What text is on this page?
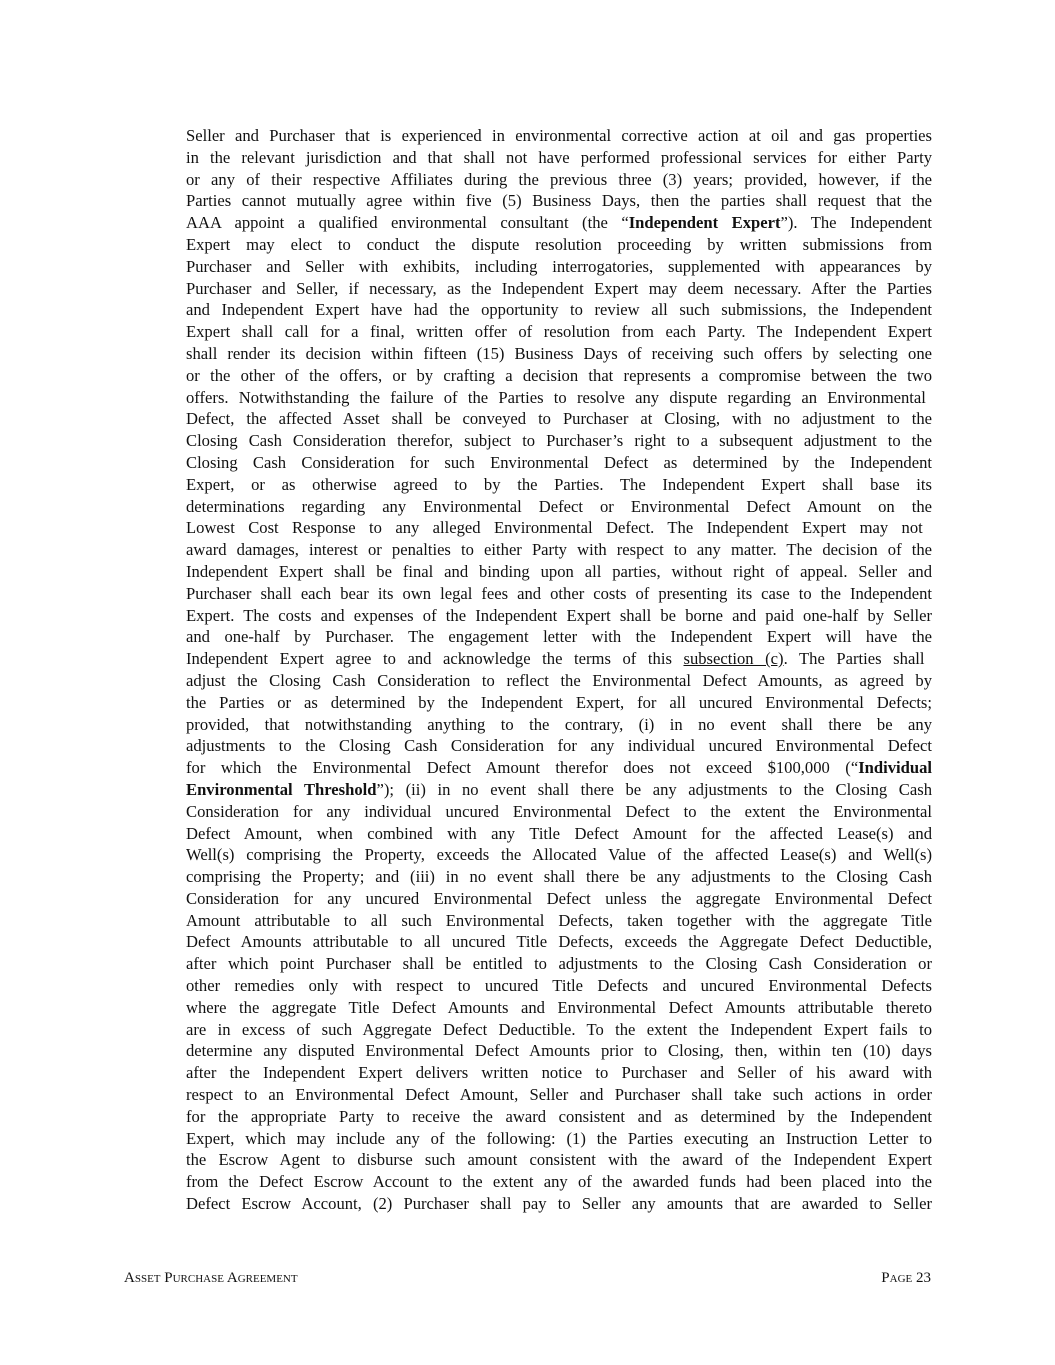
Seller and Purchaser that is experienced in environmental corrective action at oil and gas properties
in the relevant jurisdiction and that shall not have performed professional services for either Party
or any of their respective Affiliates during the previous three (3) years; provided, however, if the
Parties cannot mutually agree within five (5) Business Days, then the parties shall request that the
AAA appoint a qualified environmental consultant (the “Independent Expert”). The Independent
Expert may elect to conduct the dispute resolution proceeding by written submissions from
Purchaser and Seller with exhibits, including interrogatories, supplemented with appearances by
Purchaser and Seller, if necessary, as the Independent Expert may deem necessary. After the Parties
and Independent Expert have had the opportunity to review all such submissions, the Independent
Expert shall call for a final, written offer of resolution from each Party. The Independent Expert
shall render its decision within fifteen (15) Business Days of receiving such offers by selecting one
or the other of the offers, or by crafting a decision that represents a compromise between the two
offers. Notwithstanding the failure of the Parties to resolve any dispute regarding an Environmental
Defect, the affected Asset shall be conveyed to Purchaser at Closing, with no adjustment to the
Closing Cash Consideration therefor, subject to Purchaser’s right to a subsequent adjustment to the
Closing Cash Consideration for such Environmental Defect as determined by the Independent
Expert, or as otherwise agreed to by the Parties. The Independent Expert shall base its
determinations regarding any Environmental Defect or Environmental Defect Amount on the
Lowest Cost Response to any alleged Environmental Defect. The Independent Expert may not
award damages, interest or penalties to either Party with respect to any matter. The decision of the
Independent Expert shall be final and binding upon all parties, without right of appeal. Seller and
Purchaser shall each bear its own legal fees and other costs of presenting its case to the Independent
Expert. The costs and expenses of the Independent Expert shall be borne and paid one-half by Seller
and one-half by Purchaser. The engagement letter with the Independent Expert will have the
Independent Expert agree to and acknowledge the terms of this subsection (c). The Parties shall
adjust the Closing Cash Consideration to reflect the Environmental Defect Amounts, as agreed by
the Parties or as determined by the Independent Expert, for all uncured Environmental Defects;
provided, that notwithstanding anything to the contrary, (i) in no event shall there be any
adjustments to the Closing Cash Consideration for any individual uncured Environmental Defect
for which the Environmental Defect Amount therefor does not exceed $100,000 (“Individual
Environmental Threshold”); (ii) in no event shall there be any adjustments to the Closing Cash
Consideration for any individual uncured Environmental Defect to the extent the Environmental
Defect Amount, when combined with any Title Defect Amount for the affected Lease(s) and
Well(s) comprising the Property, exceeds the Allocated Value of the affected Lease(s) and Well(s)
comprising the Property; and (iii) in no event shall there be any adjustments to the Closing Cash
Consideration for any uncured Environmental Defect unless the aggregate Environmental Defect
Amount attributable to all such Environmental Defects, taken together with the aggregate Title
Defect Amounts attributable to all uncured Title Defects, exceeds the Aggregate Defect Deductible,
after which point Purchaser shall be entitled to adjustments to the Closing Cash Consideration or
other remedies only with respect to uncured Title Defects and uncured Environmental Defects
where the aggregate Title Defect Amounts and Environmental Defect Amounts attributable thereto
are in excess of such Aggregate Defect Deductible. To the extent the Independent Expert fails to
determine any disputed Environmental Defect Amounts prior to Closing, then, within ten (10) days
after the Independent Expert delivers written notice to Purchaser and Seller of his award with
respect to an Environmental Defect Amount, Seller and Purchaser shall take such actions in order
for the appropriate Party to receive the award consistent and as determined by the Independent
Expert, which may include any of the following: (1) the Parties executing an Instruction Letter to
the Escrow Agent to disburse such amount consistent with the award of the Independent Expert
from the Defect Escrow Account to the extent any of the awarded funds had been placed into the
Defect Escrow Account, (2) Purchaser shall pay to Seller any amounts that are awarded to Seller
Asset Purchase Agreement	Page 23
